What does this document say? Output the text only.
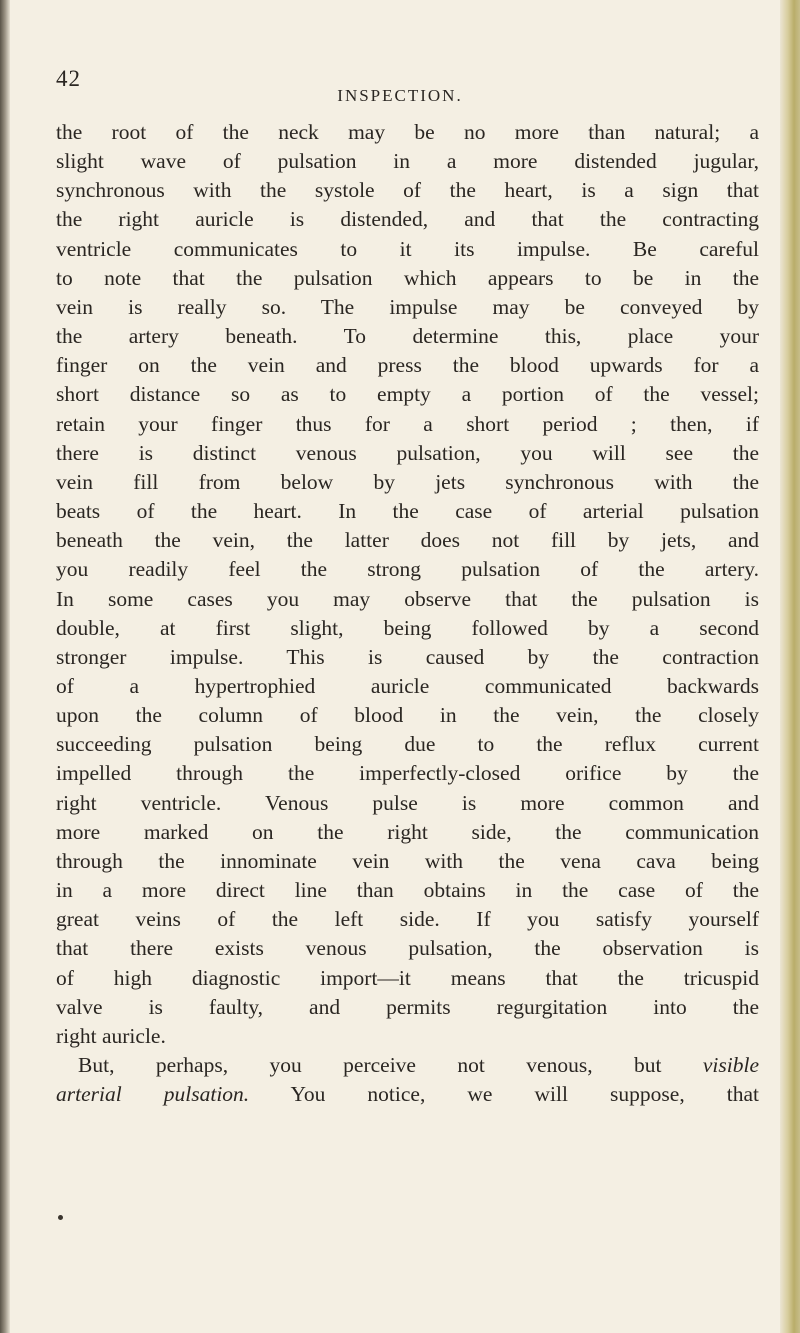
42
INSPECTION.
the root of the neck may be no more than natural; a
slight wave of pulsation in a more distended jugular,
synchronous with the systole of the heart, is a sign that
the right auricle is distended, and that the contracting
ventricle communicates to it its impulse. Be careful
to note that the pulsation which appears to be in the
vein is really so. The impulse may be conveyed by
the artery beneath. To determine this, place your
finger on the vein and press the blood upwards for a
short distance so as to empty a portion of the vessel;
retain your finger thus for a short period ; then, if
there is distinct venous pulsation, you will see the
vein fill from below by jets synchronous with the
beats of the heart. In the case of arterial pulsation
beneath the vein, the latter does not fill by jets, and
you readily feel the strong pulsation of the artery.
In some cases you may observe that the pulsation is
double, at first slight, being followed by a second
stronger impulse. This is caused by the contraction
of a hypertrophied auricle communicated backwards
upon the column of blood in the vein, the closely
succeeding pulsation being due to the reflux current
impelled through the imperfectly-closed orifice by the
right ventricle. Venous pulse is more common and
more marked on the right side, the communication
through the innominate vein with the vena cava being
in a more direct line than obtains in the case of the
great veins of the left side. If you satisfy yourself
that there exists venous pulsation, the observation is
of high diagnostic import—it means that the tricuspid
valve is faulty, and permits regurgitation into the
right auricle.
But, perhaps, you perceive not venous, but visible
arterial pulsation. You notice, we will suppose, that
